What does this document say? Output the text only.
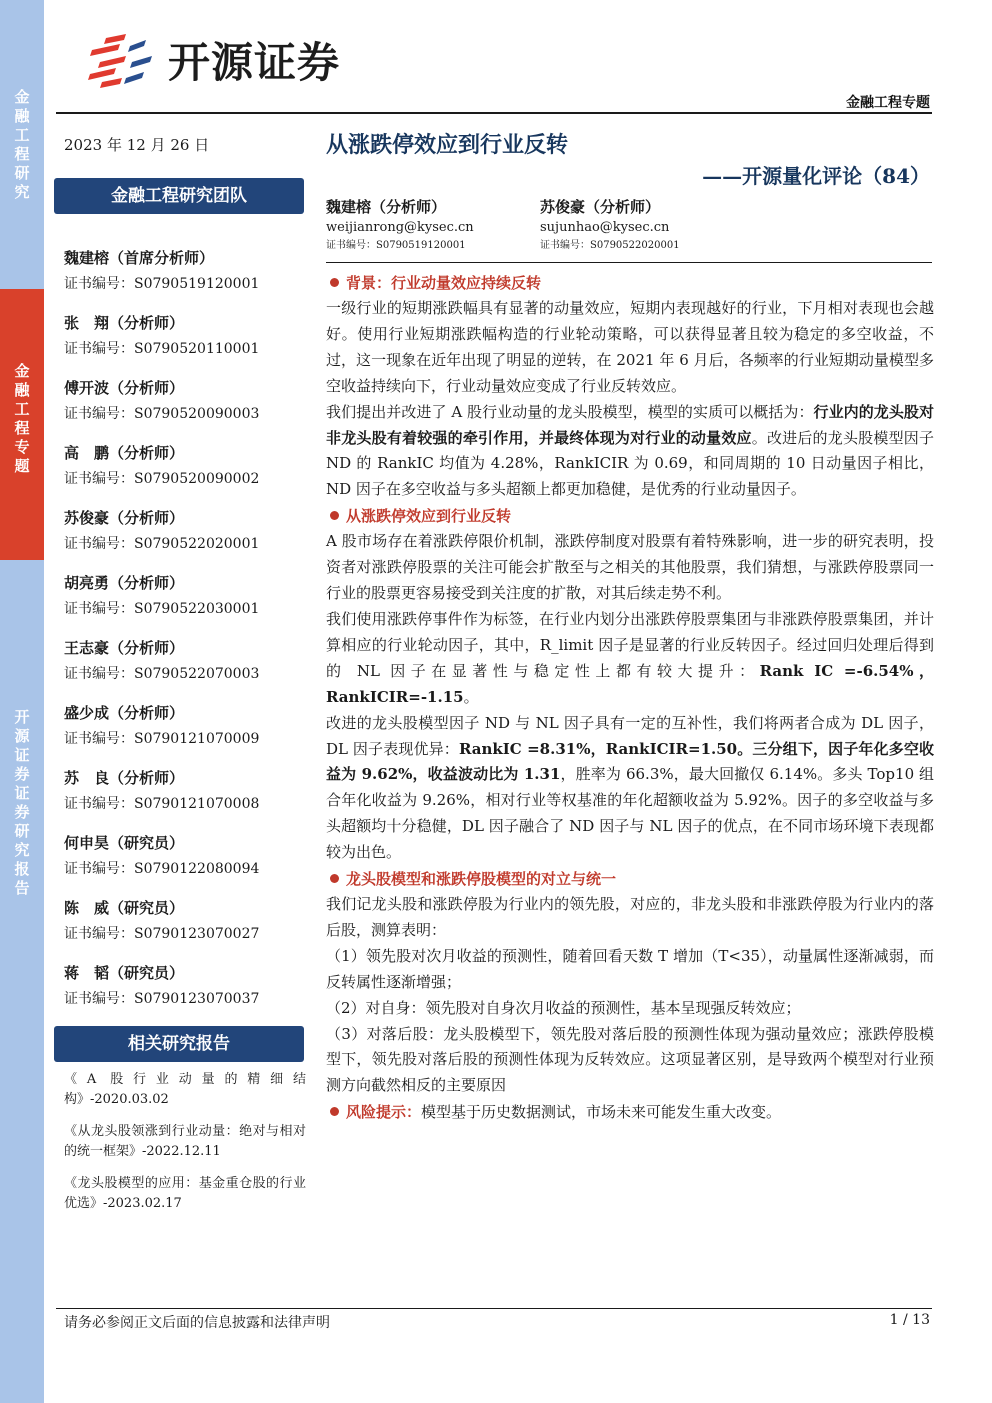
金融工程研究
金融工程专题
开源证券 证券研究报告
开源证券
金融工程专题
2023 年 12 月 26 日	从涨跌停效应到行业反转
——开源量化评论（84）
金融工程研究团队
魏建榕（首席分析师）
证书编号：S0790519120001
张　翔（分析师）
证书编号：S0790520110001
傅开波（分析师）
证书编号：S0790520090003
高　鹏（分析师）
证书编号：S0790520090002
苏俊豪（分析师）
证书编号：S0790522020001
胡亮勇（分析师）
证书编号：S0790522030001
王志豪（分析师）
证书编号：S0790522070003
盛少成（分析师）
证书编号：S0790121070009
苏　良（分析师）
证书编号：S0790121070008
何申昊（研究员）
证书编号：S0790122080094
陈　威（研究员）
证书编号：S0790123070027
蒋　韬（研究员）
证书编号：S0790123070037
相关研究报告
《A 股行业动量的精细结构》-2020.03.02
《从龙头股领涨到行业动量：绝对与相对的统一框架》-2022.12.11
《龙头股模型的应用：基金重仓股的行业优选》-2023.02.17
魏建榕（分析师）
weijianrong@kysec.cn
证书编号：S0790519120001
苏俊豪（分析师）
sujunhao@kysec.cn
证书编号：S0790522020001
背景：行业动量效应持续反转
一级行业的短期涨跌幅具有显著的动量效应，短期内表现越好的行业，下月相对表现也会越好。使用行业短期涨跌幅构造的行业轮动策略，可以获得显著且较为稳定的多空收益，不过，这一现象在近年出现了明显的逆转，在 2021 年 6 月后，各频率的行业短期动量模型多空收益持续向下，行业动量效应变成了行业反转效应。
我们提出并改进了 A 股行业动量的龙头股模型，模型的实质可以概括为：行业内的龙头股对非龙头股有着较强的牵引作用，并最终体现为对行业的动量效应。改进后的龙头股模型因子 ND 的 RankIC 均值为 4.28%，RankICIR 为 0.69，和同周期的 10 日动量因子相比，ND 因子在多空收益与多头超额上都更加稳健，是优秀的行业动量因子。
从涨跌停效应到行业反转
A 股市场存在着涨跌停限价机制，涨跌停制度对股票有着特殊影响，进一步的研究表明，投资者对涨跌停股票的关注可能会扩散至与之相关的其他股票，我们猜想，与涨跌停股票同一行业的股票更容易接受到关注度的扩散，对其后续走势不利。
我们使用涨跌停事件作为标签，在行业内划分出涨跌停股票集团与非涨跌停股票集团，并计算相应的行业轮动因子，其中，R_limit 因子是显著的行业反转因子。经过回归处理后得到的 NL 因子在显著性与稳定性上都有较大提升：Rank IC =-6.54%，RankICIR=-1.15。
改进的龙头股模型因子 ND 与 NL 因子具有一定的互补性，我们将两者合成为 DL 因子，DL 因子表现优异：RankIC =8.31%，RankICIR=1.50。三分组下，因子年化多空收益为 9.62%，收益波动比为 1.31，胜率为 66.3%，最大回撤仅 6.14%。多头 Top10 组合年化收益为 9.26%，相对行业等权基准的年化超额收益为 5.92%。因子的多空收益与多头超额均十分稳健，DL 因子融合了 ND 因子与 NL 因子的优点，在不同市场环境下表现都较为出色。
龙头股模型和涨跌停股模型的对立与统一
我们记龙头股和涨跌停股为行业内的领先股，对应的，非龙头股和非涨跌停股为行业内的落后股，测算表明：
（1）领先股对次月收益的预测性，随着回看天数 T 增加（T<35），动量属性逐渐减弱，而反转属性逐渐增强；
（2）对自身：领先股对自身次月收益的预测性，基本呈现强反转效应；
（3）对落后股：龙头股模型下，领先股对落后股的预测性体现为强动量效应；涨跌停股模型下，领先股对落后股的预测性体现为反转效应。这项显著区别，是导致两个模型对行业预测方向截然相反的主要原因
风险提示：模型基于历史数据测试，市场未来可能发生重大改变。
请务必参阅正文后面的信息披露和法律声明	1 / 13
